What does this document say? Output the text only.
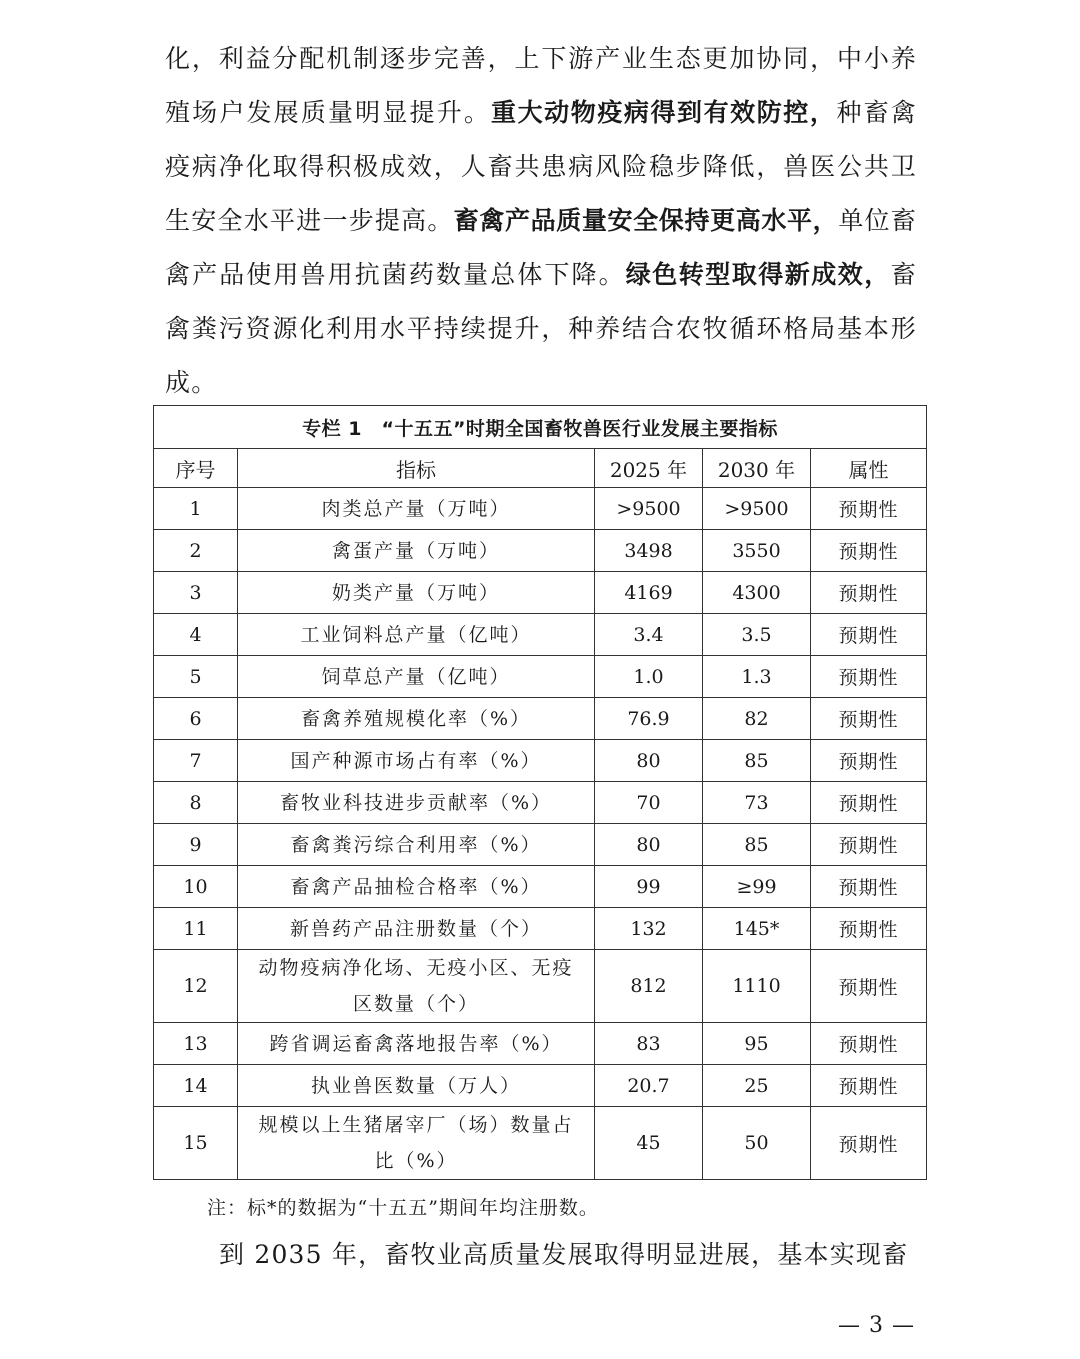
化，利益分配机制逐步完善，上下游产业生态更加协同，中小养殖场户发展质量明显提升。重大动物疫病得到有效防控，种畜禽疫病净化取得积极成效，人畜共患病风险稳步降低，兽医公共卫生安全水平进一步提高。畜禽产品质量安全保持更高水平，单位畜禽产品使用兽用抗菌药数量总体下降。绿色转型取得新成效，畜禽粪污资源化利用水平持续提升，种养结合农牧循环格局基本形成。

专栏 1　“十五五”时期全国畜牧兽医行业发展主要指标				
序号	指标	2025 年	2030 年	属性
1	肉类总产量（万吨）	>9500	>9500	预期性
2	禽蛋产量（万吨）	3498	3550	预期性
3	奶类产量（万吨）	4169	4300	预期性
4	工业饲料总产量（亿吨）	3.4	3.5	预期性
5	饲草总产量（亿吨）	1.0	1.3	预期性
6	畜禽养殖规模化率（%）	76.9	82	预期性
7	国产种源市场占有率（%）	80	85	预期性
8	畜牧业科技进步贡献率（%）	70	73	预期性
9	畜禽粪污综合利用率（%）	80	85	预期性
10	畜禽产品抽检合格率（%）	99	≥99	预期性
11	新兽药产品注册数量（个）	132	145*	预期性
12	动物疫病净化场、无疫小区、无疫区数量（个）	812	1110	预期性
13	跨省调运畜禽落地报告率（%）	83	95	预期性
14	执业兽医数量（万人）	20.7	25	预期性
15	规模以上生猪屠宰厂（场）数量占比（%）	45	50	预期性

注：标*的数据为“十五五”期间年均注册数。

到 2035 年，畜牧业高质量发展取得明显进展，基本实现畜

— 3 —
